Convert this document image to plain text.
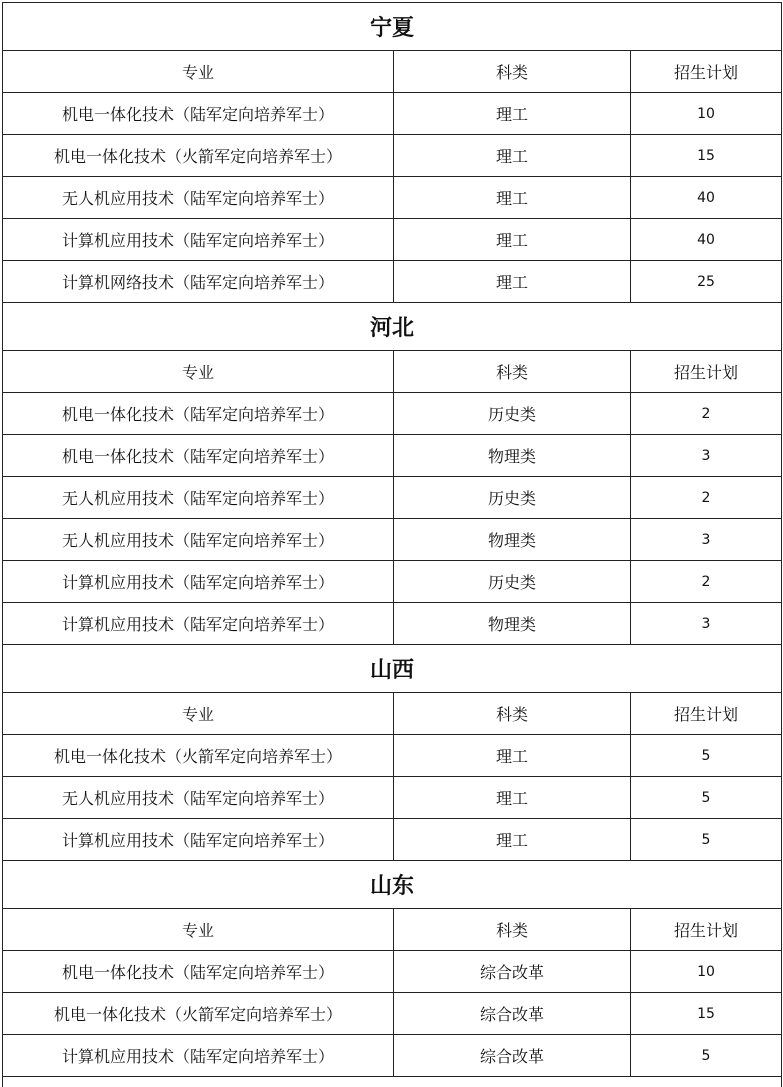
宁夏
专业	科类	招生计划
机电一体化技术（陆军定向培养军士）	理工	10
机电一体化技术（火箭军定向培养军士）	理工	15
无人机应用技术（陆军定向培养军士）	理工	40
计算机应用技术（陆军定向培养军士）	理工	40
计算机网络技术（陆军定向培养军士）	理工	25
河北
专业	科类	招生计划
机电一体化技术（陆军定向培养军士）	历史类	2
机电一体化技术（陆军定向培养军士）	物理类	3
无人机应用技术（陆军定向培养军士）	历史类	2
无人机应用技术（陆军定向培养军士）	物理类	3
计算机应用技术（陆军定向培养军士）	历史类	2
计算机应用技术（陆军定向培养军士）	物理类	3
山西
专业	科类	招生计划
机电一体化技术（火箭军定向培养军士）	理工	5
无人机应用技术（陆军定向培养军士）	理工	5
计算机应用技术（陆军定向培养军士）	理工	5
山东
专业	科类	招生计划
机电一体化技术（陆军定向培养军士）	综合改革	10
机电一体化技术（火箭军定向培养军士）	综合改革	15
计算机应用技术（陆军定向培养军士）	综合改革	5
